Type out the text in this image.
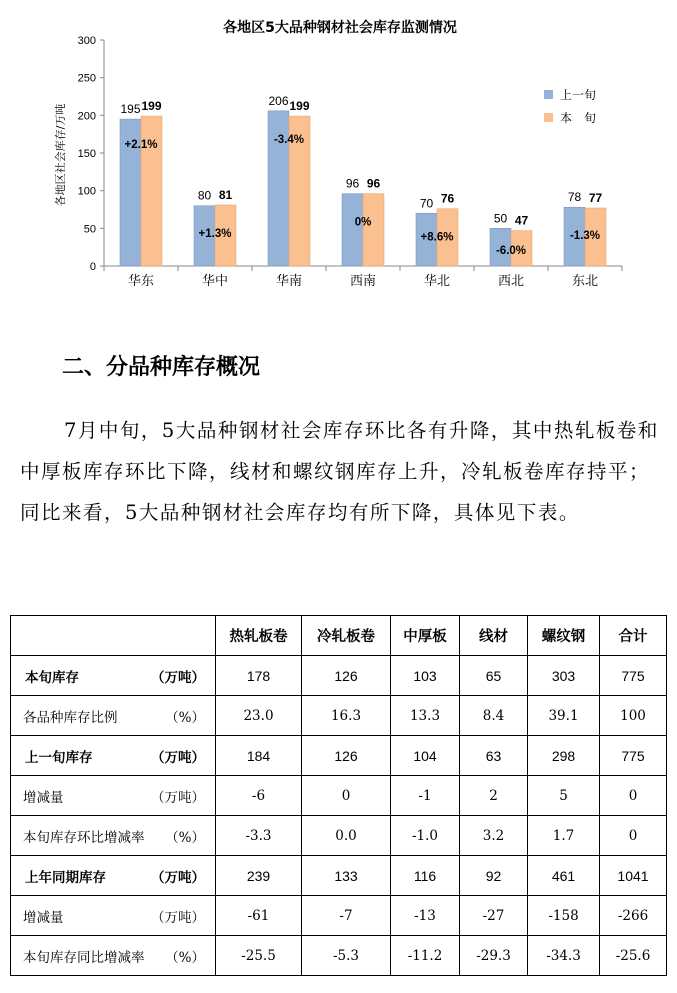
各地区5大品种钢材社会库存监测情况
各地区社会库存/万吨
0
50
100
150
200
250
300
195 199
+2.1%
华东
80 81
+1.3%
华中
206 199
-3.4%
华南
96 96
0%
西南
70 76
+8.6%
华北
50 47
-6.0%
西北
78 77
-1.3%
东北
上一旬
本　旬
二、分品种库存概况

7月中旬，5大品种钢材社会库存环比各有升降，其中热轧板卷和中厚板库存环比下降，线材和螺纹钢库存上升，冷轧板卷库存持平；同比来看，5大品种钢材社会库存均有所下降，具体见下表。

	热轧板卷	冷轧板卷	中厚板	线材	螺纹钢	合计

本旬库存 （万吨）	178	126	103	65	303	775

各品种库存比例 （%）	23.0	16.3	13.3	8.4	39.1	100

上一旬库存 （万吨）	184	126	104	63	298	775

增减量 （万吨）	-6	0	-1	2	5	0

本旬库存环比增减率 （%）	-3.3	0.0	-1.0	3.2	1.7	0

上年同期库存 （万吨）	239	133	116	92	461	1041

增减量 （万吨）	-61	-7	-13	-27	-158	-266

本旬库存同比增减率 （%）	-25.5	-5.3	-11.2	-29.3	-34.3	-25.6
